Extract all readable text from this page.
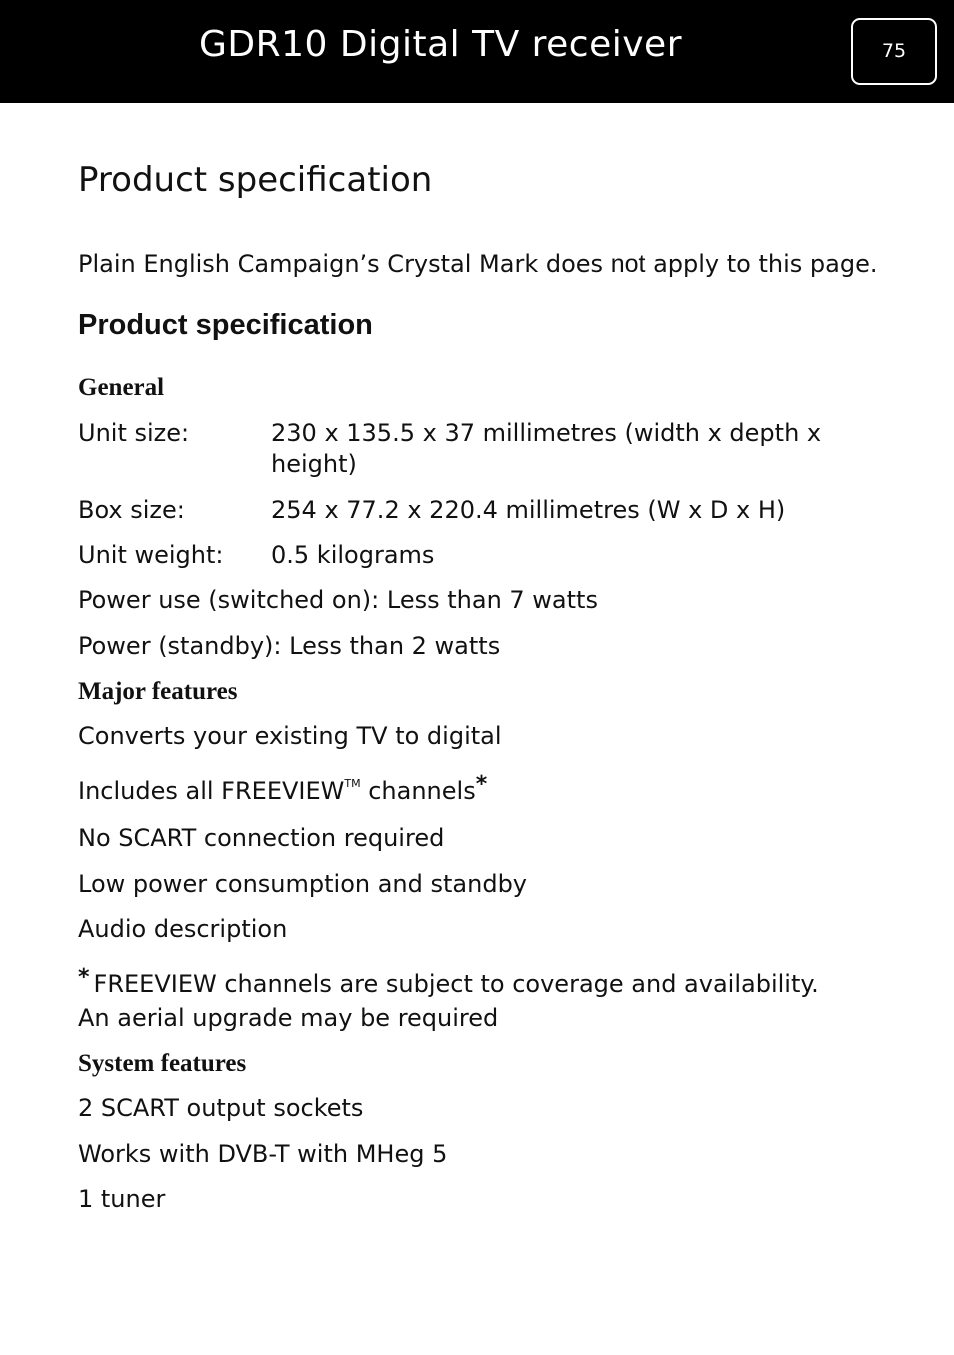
GDR10 Digital TV receiver	75
Product specification
Plain English Campaign’s Crystal Mark does not apply to this page.
Product specification
General
Unit size:	230 x 135.5 x 37 millimetres (width x depth x height)
Box size:	254 x 77.2 x 220.4 millimetres (W x D x H)
Unit weight: 0.5 kilograms
Power use (switched on): Less than 7 watts
Power (standby): Less than 2 watts
Major features
Converts your existing TV to digital
Includes all FREEVIEW™ channels*
No SCART connection required
Low power consumption and standby
Audio description
* FREEVIEW channels are subject to coverage and availability.
An aerial upgrade may be required
System features
2 SCART output sockets
Works with DVB-T with MHeg 5
1 tuner
